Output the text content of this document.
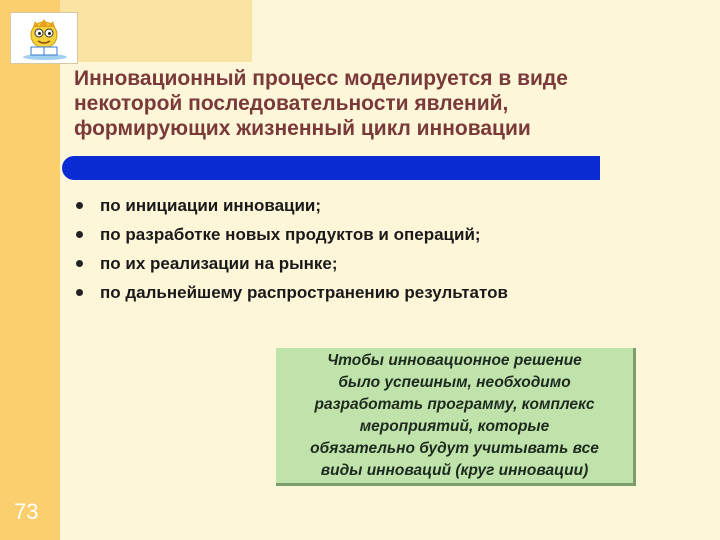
Инновационный процесс моделируется в виде
некоторой последовательности явлений,
формирующих жизненный цикл инновации
по инициации инновации;
по разработке новых продуктов и операций;
по их реализации на рынке;
по дальнейшему распространению результатов
Чтобы инновационное решение
было успешным, необходимо
разработать программу, комплекс
мероприятий, которые
обязательно будут учитывать все
виды инноваций (круг инновации)
73
